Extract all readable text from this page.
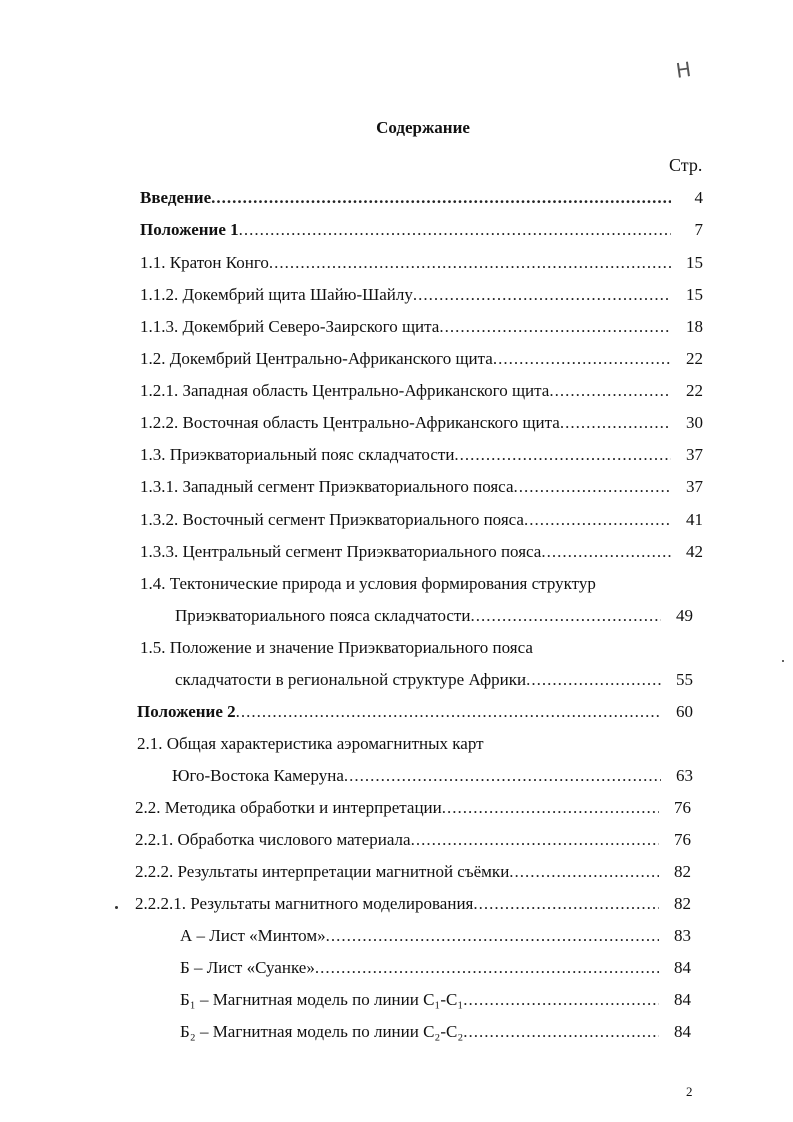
Н
Содержание
Стр.
Введение .....	4
Положение 1 .....	7
1.1. Кратон Конго .....	15
1.1.2. Докембрий щита Шайю-Шайлу .....	15
1.1.3. Докембрий Северо-Заирского щита .....	18
1.2. Докембрий Центрально-Африканского щита .....	22
1.2.1. Западная область Центрально-Африканского щита .....	22
1.2.2. Восточная область Центрально-Африканского щита .....	30
1.3. Приэкваториальный пояс складчатости .....	37
1.3.1. Западный сегмент Приэкваториального пояса .....	37
1.3.2. Восточный сегмент Приэкваториального пояса .....	41
1.3.3. Центральный сегмент Приэкваториального пояса .....	42
1.4. Тектонические природа и условия формирования структур
Приэкваториального пояса складчатости .....	49
1.5. Положение и значение Приэкваториального пояса
складчатости в региональной структуре Африки .....	55
Положение 2 .....	60
2.1. Общая характеристика аэромагнитных карт
Юго-Востока Камеруна .....	63
2.2. Методика обработки и интерпретации .....	76
2.2.1. Обработка числового материала .....	76
2.2.2. Результаты интерпретации магнитной съёмки .....	82
2.2.2.1. Результаты магнитного моделирования .....	82
А – Лист «Минтом» .....	83
Б – Лист «Суанке» .....	84
Б₁ – Магнитная модель по линии С₁-С₁ .....	84
Б₂ – Магнитная модель по линии С₂-С₂ .....	84
2
